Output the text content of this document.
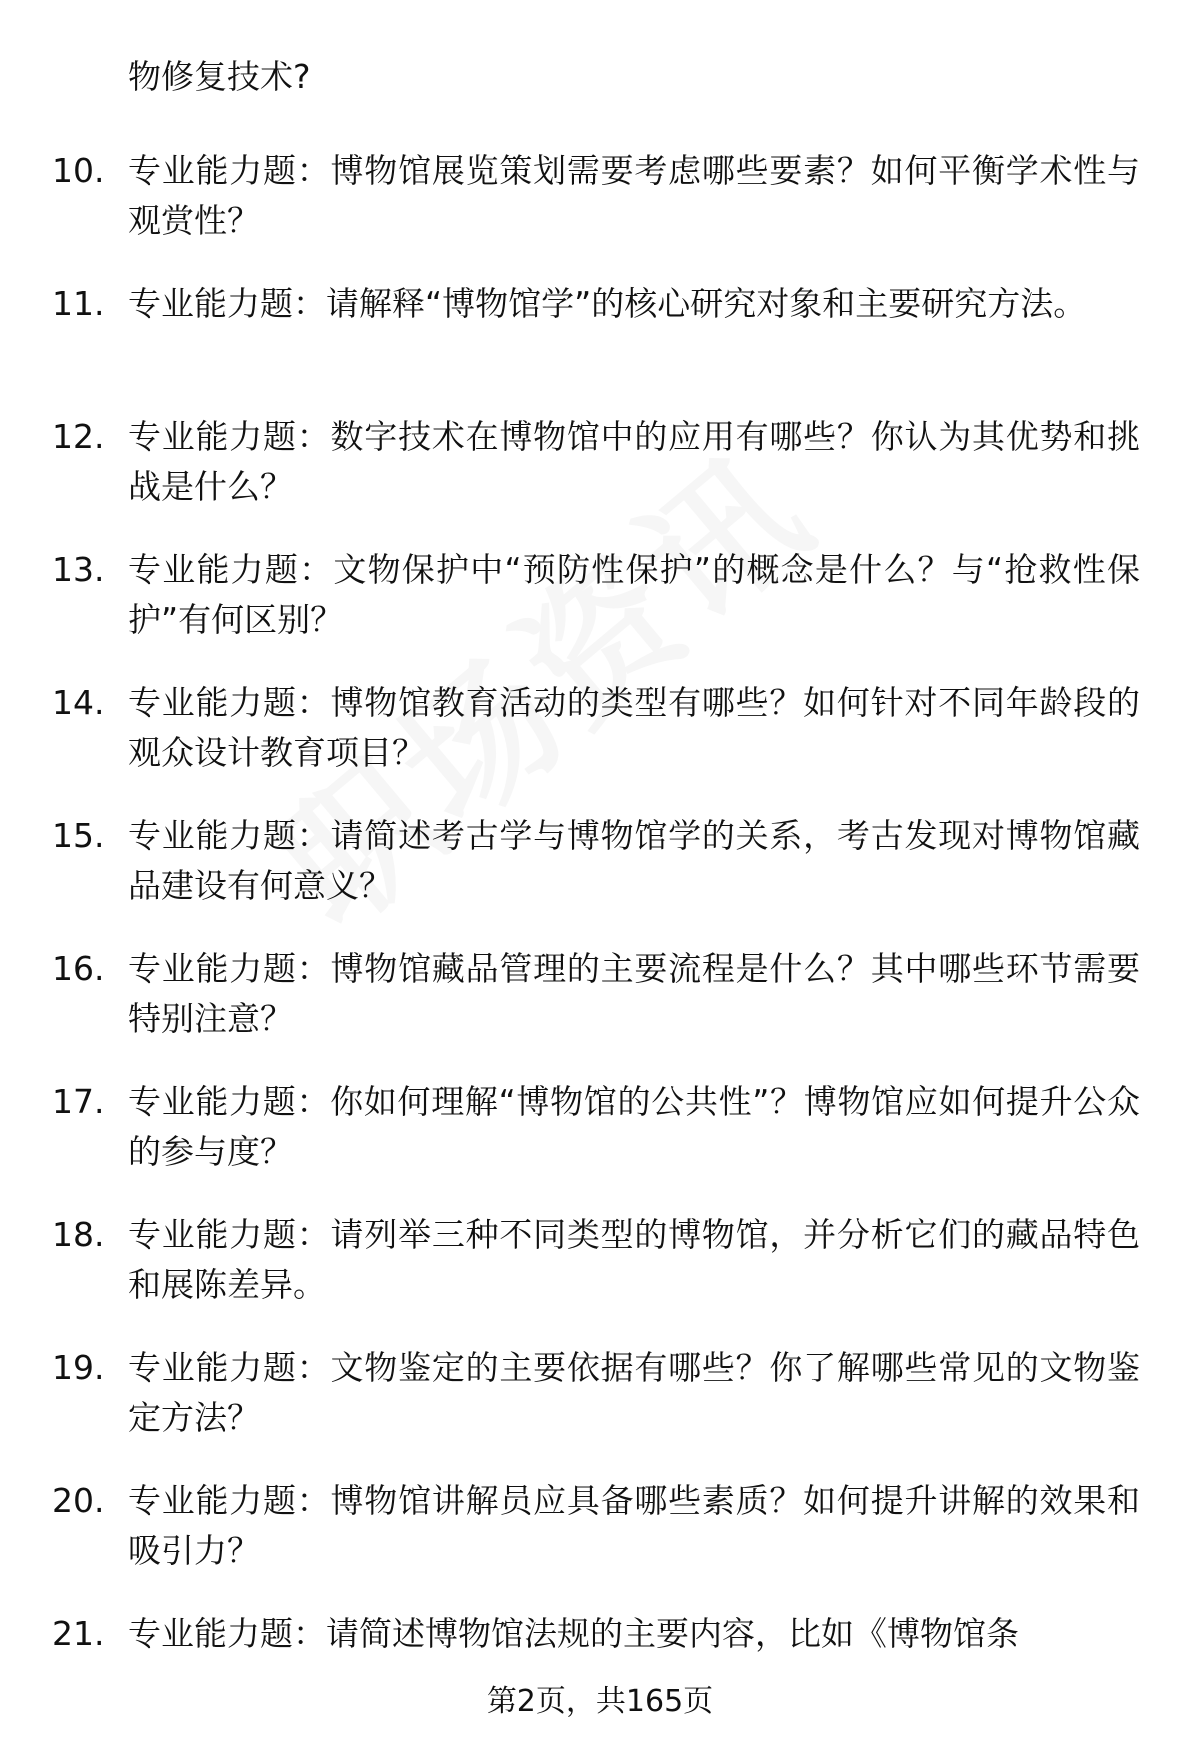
物修复技术?
10. 专业能力题：博物馆展览策划需要考虑哪些要素？如何平衡学术性与观赏性？
11. 专业能力题：请解释“博物馆学”的核心研究对象和主要研究方法。
12. 专业能力题：数字技术在博物馆中的应用有哪些？你认为其优势和挑战是什么？
13. 专业能力题：文物保护中“预防性保护”的概念是什么？与“抢救性保护”有何区别？
14. 专业能力题：博物馆教育活动的类型有哪些？如何针对不同年龄段的观众设计教育项目？
15. 专业能力题：请简述考古学与博物馆学的关系，考古发现对博物馆藏品建设有何意义？
16. 专业能力题：博物馆藏品管理的主要流程是什么？其中哪些环节需要特别注意？
17. 专业能力题：你如何理解“博物馆的公共性”？博物馆应如何提升公众的参与度？
18. 专业能力题：请列举三种不同类型的博物馆，并分析它们的藏品特色和展陈差异。
19. 专业能力题：文物鉴定的主要依据有哪些？你了解哪些常见的文物鉴定方法？
20. 专业能力题：博物馆讲解员应具备哪些素质？如何提升讲解的效果和吸引力？
21. 专业能力题：请简述博物馆法规的主要内容，比如《博物馆条
第2页，共165页
